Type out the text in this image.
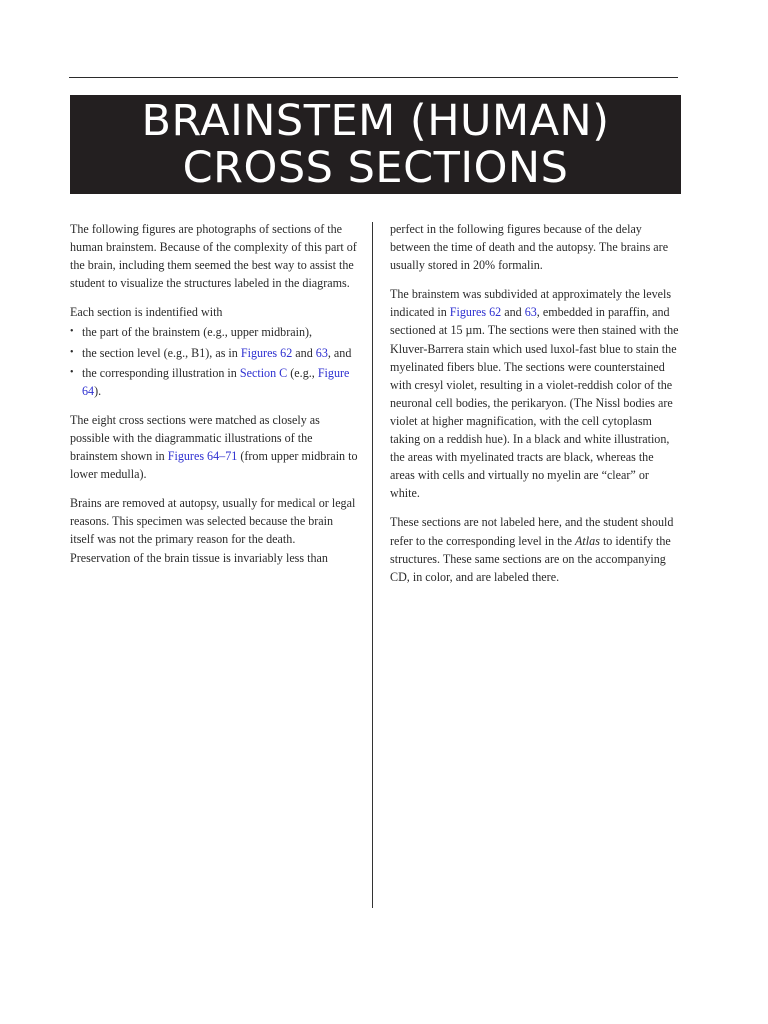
BRAINSTEM (HUMAN)
CROSS SECTIONS

The following figures are photographs of sections of the human brainstem. Because of the complexity of this part of the brain, including them seemed the best way to assist the student to visualize the structures labeled in the diagrams.

Each section is indentified with

• the part of the brainstem (e.g., upper midbrain),
• the section level (e.g., B1), as in Figures 62 and 63, and
• the corresponding illustration in Section C (e.g., Figure 64).

The eight cross sections were matched as closely as possible with the diagrammatic illustrations of the brainstem shown in Figures 64–71 (from upper midbrain to lower medulla).

Brains are removed at autopsy, usually for medical or legal reasons. This specimen was selected because the brain itself was not the primary reason for the death. Preservation of the brain tissue is invariably less than

perfect in the following figures because of the delay between the time of death and the autopsy. The brains are usually stored in 20% formalin.

The brainstem was subdivided at approximately the levels indicated in Figures 62 and 63, embedded in paraffin, and sectioned at 15 µm. The sections were then stained with the Kluver-Barrera stain which used luxol-fast blue to stain the myelinated fibers blue. The sections were counterstained with cresyl violet, resulting in a violet-reddish color of the neuronal cell bodies, the perikaryon. (The Nissl bodies are violet at higher magnification, with the cell cytoplasm taking on a reddish hue). In a black and white illustration, the areas with myelinated tracts are black, whereas the areas with cells and virtually no myelin are “clear” or white.

These sections are not labeled here, and the student should refer to the corresponding level in the Atlas to identify the structures. These same sections are on the accompanying CD, in color, and are labeled there.
